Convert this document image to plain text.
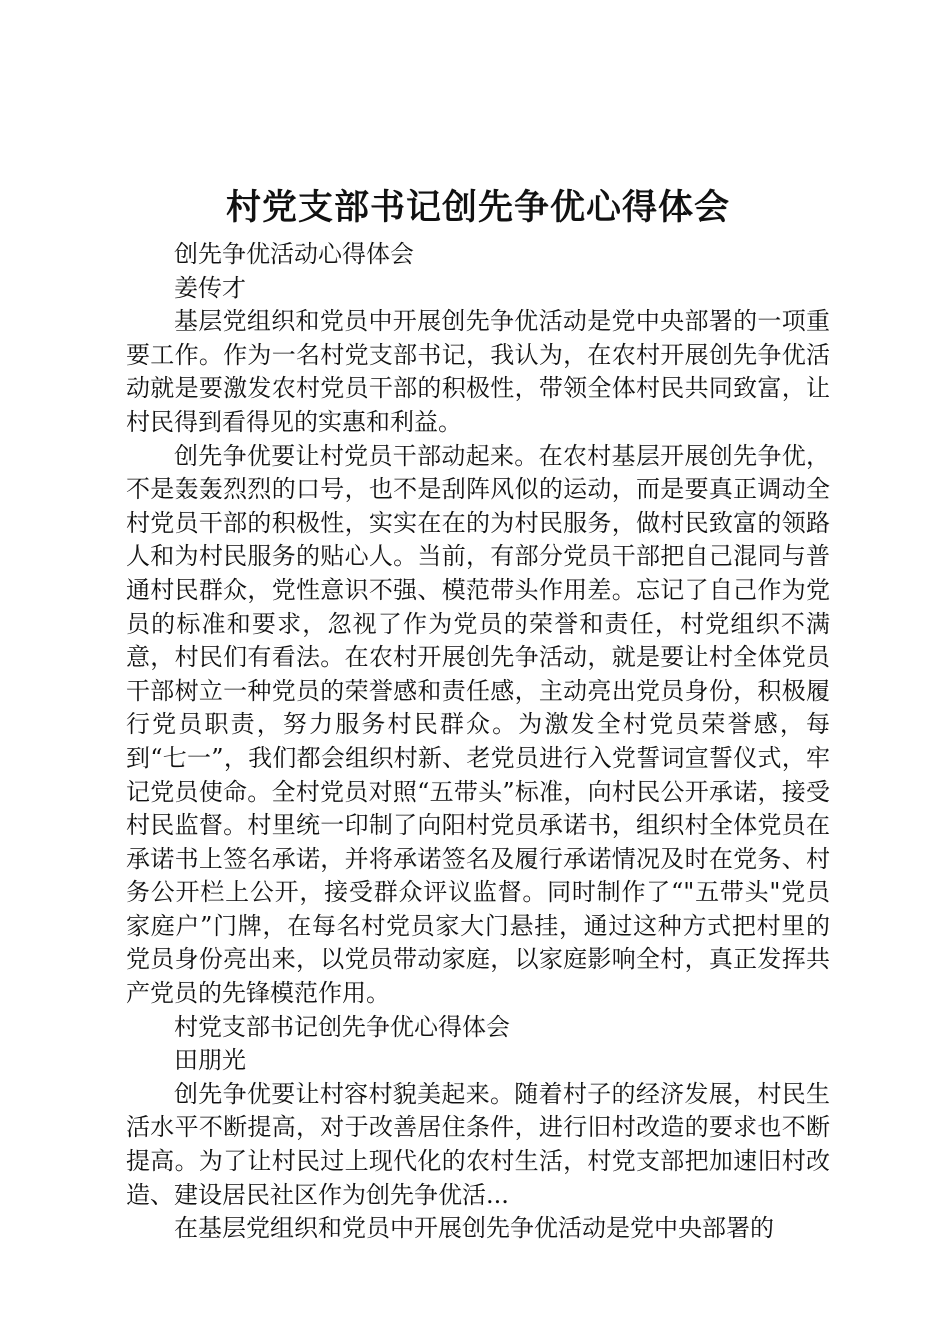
村党支部书记创先争优心得体会

创先争优活动心得体会

姜传才

基层党组织和党员中开展创先争优活动是党中央部署的一项重要工作。作为一名村党支部书记，我认为，在农村开展创先争优活动就是要激发农村党员干部的积极性，带领全体村民共同致富，让村民得到看得见的实惠和利益。

创先争优要让村党员干部动起来。在农村基层开展创先争优，不是轰轰烈烈的口号，也不是刮阵风似的运动，而是要真正调动全村党员干部的积极性，实实在在的为村民服务，做村民致富的领路人和为村民服务的贴心人。当前，有部分党员干部把自己混同与普通村民群众，党性意识不强、模范带头作用差。忘记了自己作为党员的标准和要求，忽视了作为党员的荣誉和责任，村党组织不满意，村民们有看法。在农村开展创先争活动，就是要让村全体党员干部树立一种党员的荣誉感和责任感，主动亮出党员身份，积极履行党员职责，努力服务村民群众。为激发全村党员荣誉感，每到“七一”，我们都会组织村新、老党员进行入党誓词宣誓仪式，牢记党员使命。全村党员对照“五带头”标准，向村民公开承诺，接受村民监督。村里统一印制了向阳村党员承诺书，组织村全体党员在承诺书上签名承诺，并将承诺签名及履行承诺情况及时在党务、村务公开栏上公开，接受群众评议监督。同时制作了“"五带头"党员家庭户”门牌，在每名村党员家大门悬挂，通过这种方式把村里的党员身份亮出来，以党员带动家庭，以家庭影响全村，真正发挥共产党员的先锋模范作用。

村党支部书记创先争优心得体会

田朋光

创先争优要让村容村貌美起来。随着村子的经济发展，村民生活水平不断提高，对于改善居住条件，进行旧村改造的要求也不断提高。为了让村民过上现代化的农村生活，村党支部把加速旧村改造、建设居民社区作为创先争优活...

在基层党组织和党员中开展创先争优活动是党中央部署的
